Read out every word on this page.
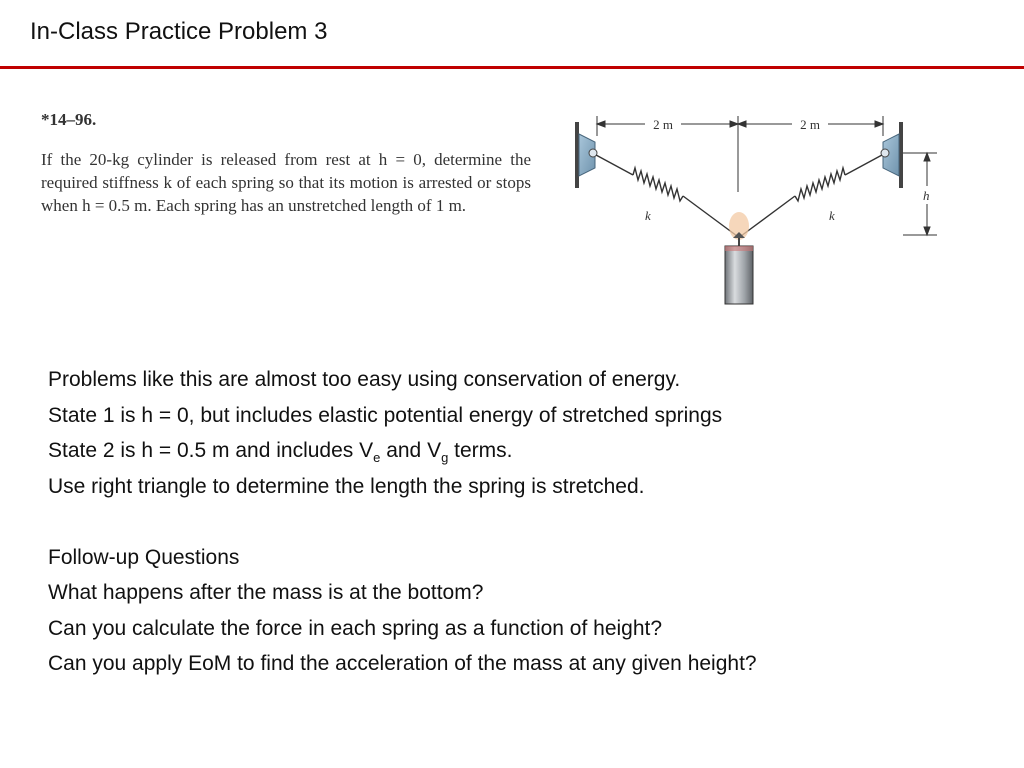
In-Class Practice Problem 3

*14–96.

If the 20-kg cylinder is released from rest at h = 0, determine the required stiffness k of each spring so that its motion is arrested or stops when h = 0.5 m. Each spring has an unstretched length of 1 m.

2 m	2 m
k	k
h

Problems like this are almost too easy using conservation of energy.

State 1 is h = 0, but includes elastic potential energy of stretched springs

State 2 is h = 0.5 m and includes $V_e$ and $V_g$ terms.

Use right triangle to determine the length the spring is stretched.

Follow-up Questions

What happens after the mass is at the bottom?

Can you calculate the force in each spring as a function of height?

Can you apply EoM to find the acceleration of the mass at any given height?
